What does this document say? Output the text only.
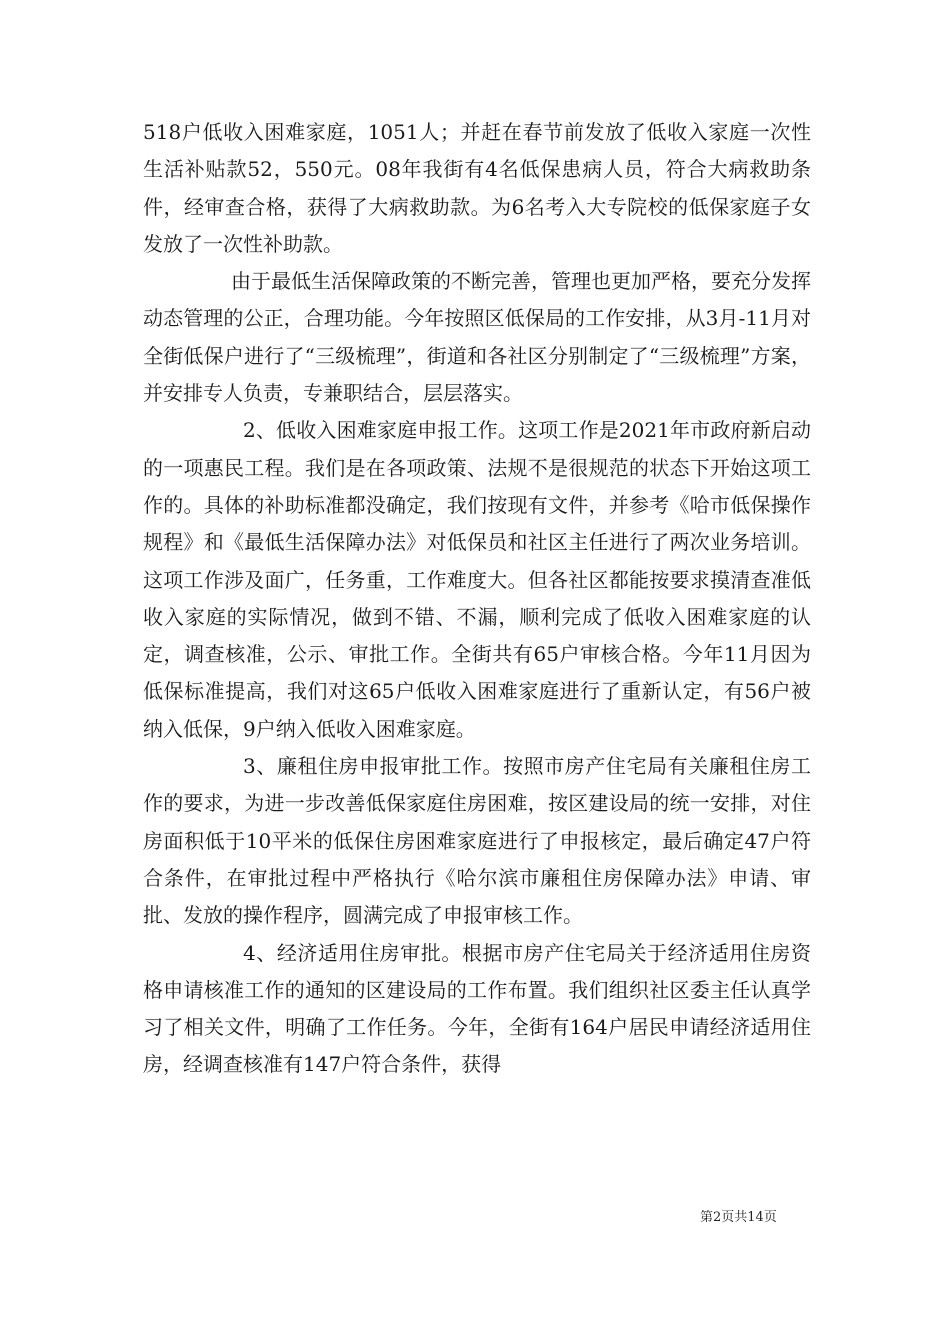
518户低收入困难家庭，1051人；并赶在春节前发放了低收入家庭一次性生活补贴款52，550元。08年我街有4名低保患病人员，符合大病救助条件，经审查合格，获得了大病救助款。为6名考入大专院校的低保家庭子女发放了一次性补助款。

由于最低生活保障政策的不断完善，管理也更加严格，要充分发挥动态管理的公正，合理功能。今年按照区低保局的工作安排，从3月-11月对全街低保户进行了“三级梳理”，街道和各社区分别制定了“三级梳理”方案，并安排专人负责，专兼职结合，层层落实。

2、低收入困难家庭申报工作。这项工作是2021年市政府新启动的一项惠民工程。我们是在各项政策、法规不是很规范的状态下开始这项工作的。具体的补助标准都没确定，我们按现有文件，并参考《哈市低保操作规程》和《最低生活保障办法》对低保员和社区主任进行了两次业务培训。这项工作涉及面广，任务重，工作难度大。但各社区都能按要求摸清查准低收入家庭的实际情况，做到不错、不漏，顺利完成了低收入困难家庭的认定，调查核准，公示、审批工作。全街共有65户审核合格。今年11月因为低保标准提高，我们对这65户低收入困难家庭进行了重新认定，有56户被纳入低保，9户纳入低收入困难家庭。

3、廉租住房申报审批工作。按照市房产住宅局有关廉租住房工作的要求，为进一步改善低保家庭住房困难，按区建设局的统一安排，对住房面积低于10平米的低保住房困难家庭进行了申报核定，最后确定47户符合条件，在审批过程中严格执行《哈尔滨市廉租住房保障办法》申请、审批、发放的操作程序，圆满完成了申报审核工作。

4、经济适用住房审批。根据市房产住宅局关于经济适用住房资格申请核准工作的通知的区建设局的工作布置。我们组织社区委主任认真学习了相关文件，明确了工作任务。今年，全街有164户居民申请经济适用住房，经调查核准有147户符合条件，获得

第2页共14页
